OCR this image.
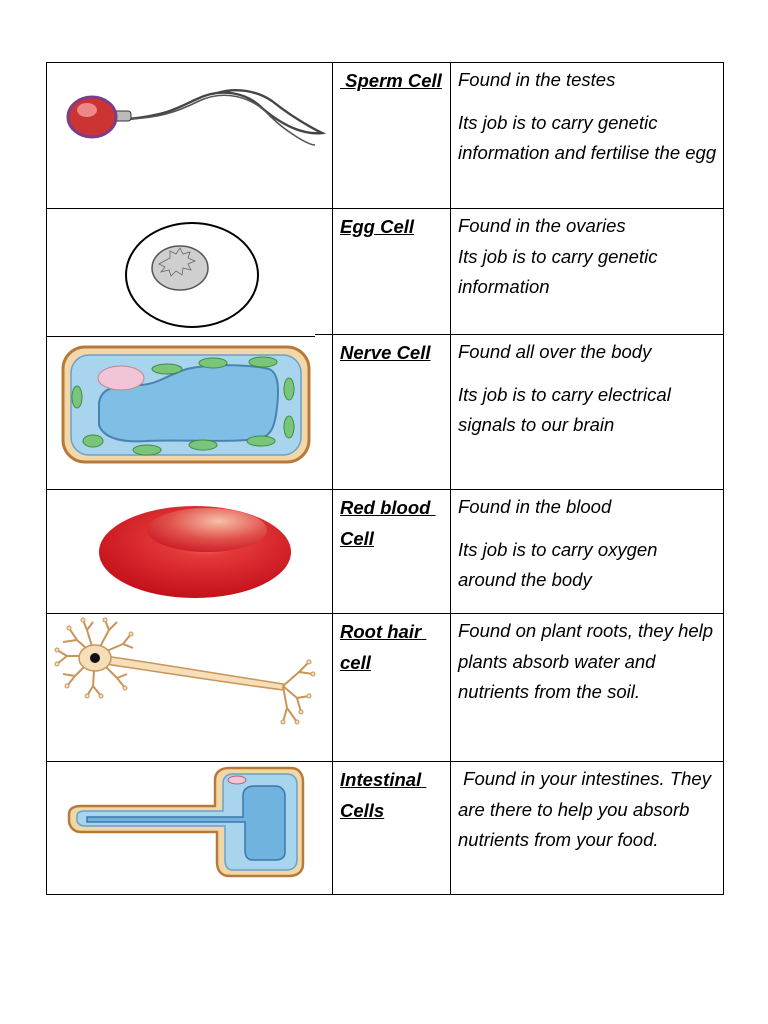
Sperm Cell Found in the testes

Its job is to carry genetic information and fertilise the egg

Egg Cell	Found in the ovaries

Its job is to carry genetic information

Nerve Cell	Found all over the body

Its job is to carry electrical signals to our brain

Red blood Cell

Found in the blood

Its job is to carry oxygen around the body

Root hair cell

Found on plant roots, they help plants absorb water and nutrients from the soil.

Intestinal Cells

Found in your intestines. They are there to help you absorb nutrients from your food.
